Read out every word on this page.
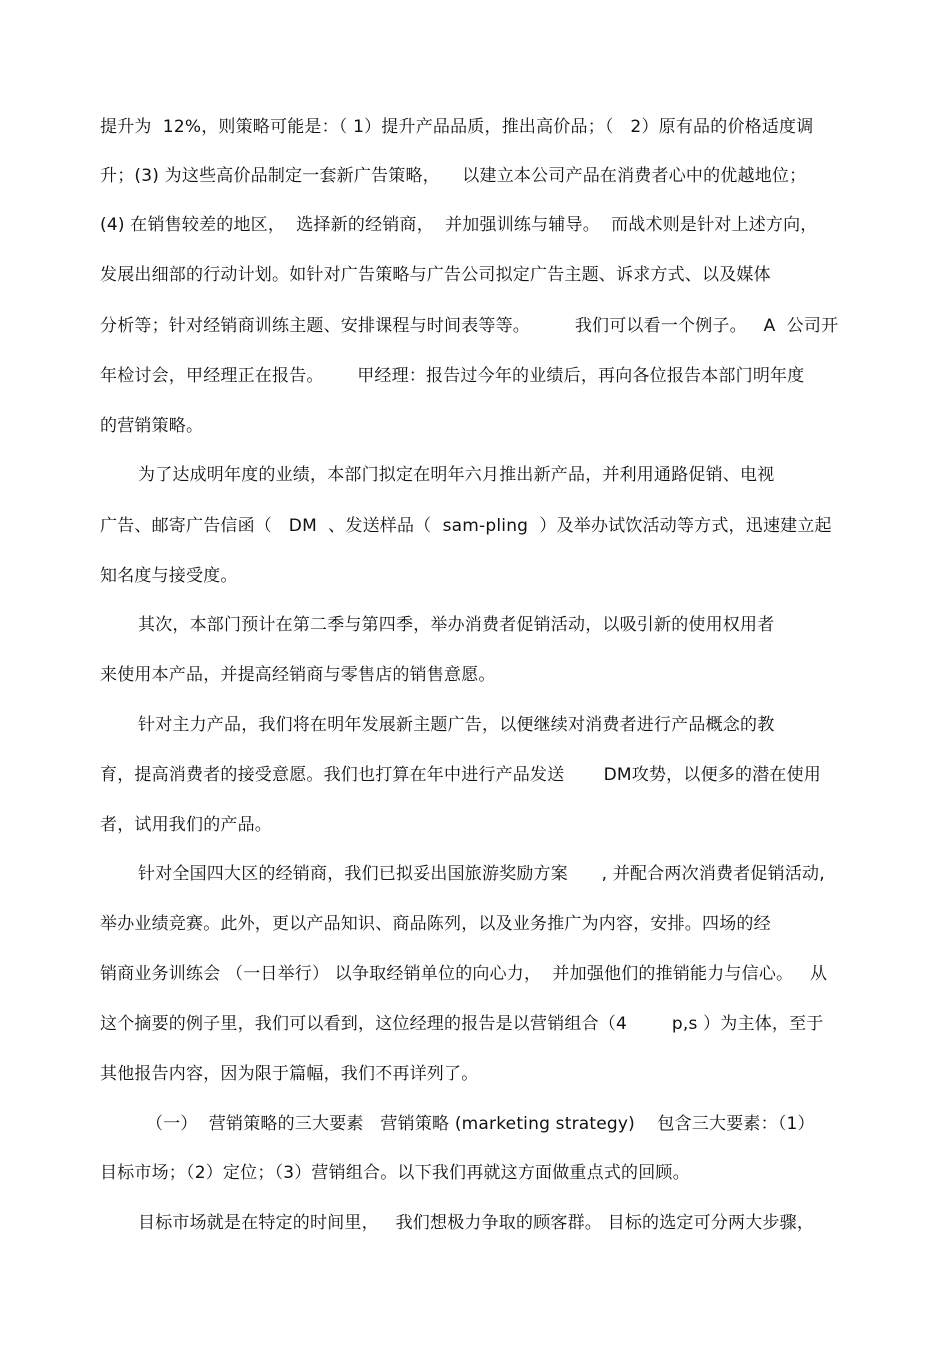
提升为  12%，则策略可能是：（ 1）提升产品品质，推出高价品；（   2）原有品的价格适度调
升；(3) 为这些高价品制定一套新广告策略，    以建立本公司产品在消费者心中的优越地位；
(4) 在销售较差的地区，  选择新的经销商，  并加强训练与辅导。  而战术则是针对上述方向，
发展出细部的行动计划。如针对广告策略与广告公司拟定广告主题、诉求方式、以及媒体
分析等；针对经销商训练主题、安排课程与时间表等等。        我们可以看一个例子。   A  公司开
年检讨会，甲经理正在报告。      甲经理：报告过今年的业绩后，再向各位报告本部门明年度
的营销策略。
为了达成明年度的业绩，本部门拟定在明年六月推出新产品，并利用通路促销、电视
广告、邮寄广告信函（   DM  、发送样品（  sam-pling  ）及举办试饮活动等方式，迅速建立起
知名度与接受度。
其次，本部门预计在第二季与第四季，举办消费者促销活动，以吸引新的使用权用者
来使用本产品，并提高经销商与零售店的销售意愿。
针对主力产品，我们将在明年发展新主题广告，以便继续对消费者进行产品概念的教
育，提高消费者的接受意愿。我们也打算在年中进行产品发送       DM攻势，以便多的潜在使用
者，试用我们的产品。
针对全国四大区的经销商，我们已拟妥出国旅游奖励方案      , 并配合两次消费者促销活动,
举办业绩竞赛。此外，更以产品知识、商品陈列，以及业务推广为内容，安排。四场的经
销商业务训练会 （一日举行） 以争取经销单位的向心力，  并加强他们的推销能力与信心。   从
这个摘要的例子里，我们可以看到，这位经理的报告是以营销组合（4        p,s ）为主体，至于
其他报告内容，因为限于篇幅，我们不再详列了。
（一）  营销策略的三大要素   营销策略 (marketing strategy)    包含三大要素：（1）
目标市场；（2）定位；（3）营销组合。以下我们再就这方面做重点式的回顾。
目标市场就是在特定的时间里，   我们想极力争取的顾客群。 目标的选定可分两大步骤，
